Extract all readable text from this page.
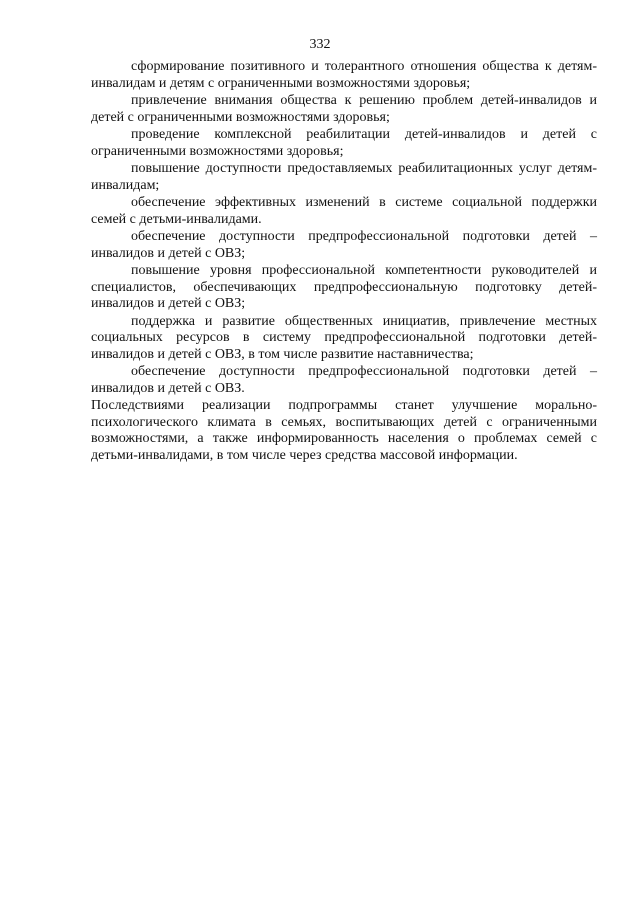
332

сформирование позитивного и толерантного отношения общества к детям-инвалидам и детям с ограниченными возможностями здоровья;

привлечение внимания общества к решению проблем детей-инвалидов и детей с ограниченными возможностями здоровья;

проведение комплексной реабилитации детей-инвалидов и детей с ограниченными возможностями здоровья;

повышение доступности предоставляемых реабилитационных услуг детям-инвалидам;

обеспечение эффективных изменений в системе социальной поддержки семей с детьми-инвалидами.

обеспечение доступности предпрофессиональной подготовки детей – инвалидов и детей с ОВЗ;

повышение уровня профессиональной компетентности руководителей и специалистов, обеспечивающих предпрофессиональную подготовку детей-инвалидов и детей с ОВЗ;

поддержка и развитие общественных инициатив, привлечение местных социальных ресурсов в систему предпрофессиональной подготовки детей-инвалидов и детей с ОВЗ, в том числе развитие наставничества;

обеспечение доступности предпрофессиональной подготовки детей – инвалидов и детей с ОВЗ.

Последствиями реализации подпрограммы станет улучшение морально-психологического климата в семьях, воспитывающих детей с ограниченными возможностями, а также информированность населения о проблемах семей с детьми-инвалидами, в том числе через средства массовой информации.
